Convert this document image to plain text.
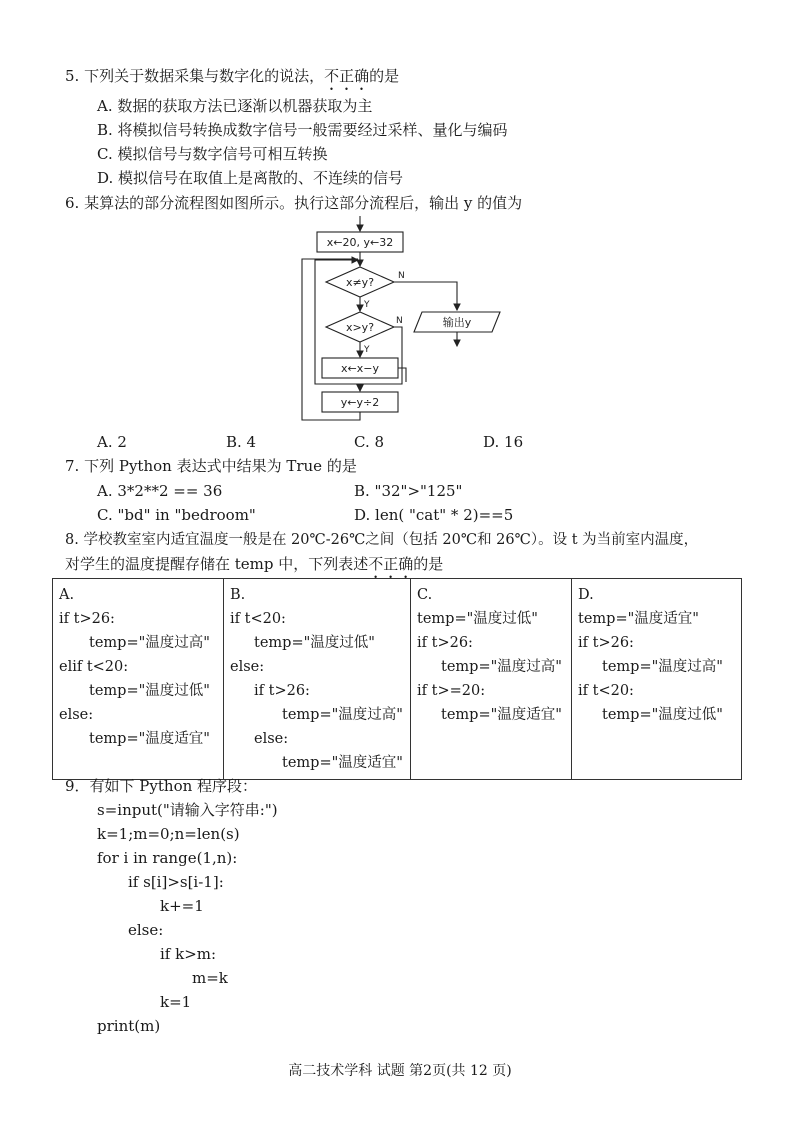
5. 下列关于数据采集与数字化的说法，不正确的是
A. 数据的获取方法已逐渐以机器获取为主
B. 将模拟信号转换成数字信号一般需要经过采样、量化与编码
C. 模拟信号与数字信号可相互转换
D. 模拟信号在取值上是离散的、不连续的信号
6. 某算法的部分流程图如图所示。执行这部分流程后，输出 y 的值为
x←20, y←32
x≠y?	N
Y
x>y? N
Y
x←x−y
y←y÷2
输出y
A. 2	B. 4	C. 8	D. 16
7. 下列 Python 表达式中结果为 True 的是
A. 3*2**2 == 36	B. "32">"125"
C. "bd" in "bedroom"	D. len( "cat" * 2)==5
8. 学校教室室内适宜温度一般是在 20℃-26℃之间（包括 20℃和 26℃）。设 t 为当前室内温度，
对学生的温度提醒存储在 temp 中，下列表述不正确的是
A.
if t>26:
temp="温度过高"
elif t<20:
temp="温度过低"
else:
temp="温度适宜"

B.
if t<20:
temp="温度过低"
else:
if t>26:
temp="温度过高"
else:
temp="温度适宜"

C.
temp="温度过低"
if t>26:
temp="温度过高"
if t>=20:
temp="温度适宜"

D.
temp="温度适宜"
if t>26:
temp="温度过高"
if t<20:
temp="温度过低"
9．有如下 Python 程序段：
s=input("请输入字符串:")
k=1;m=0;n=len(s)
for i in range(1,n):
if s[i]>s[i-1]:
k+=1
else:
if k>m:
m=k
k=1
print(m)
高二技术学科 试题 第2页(共 12 页)
